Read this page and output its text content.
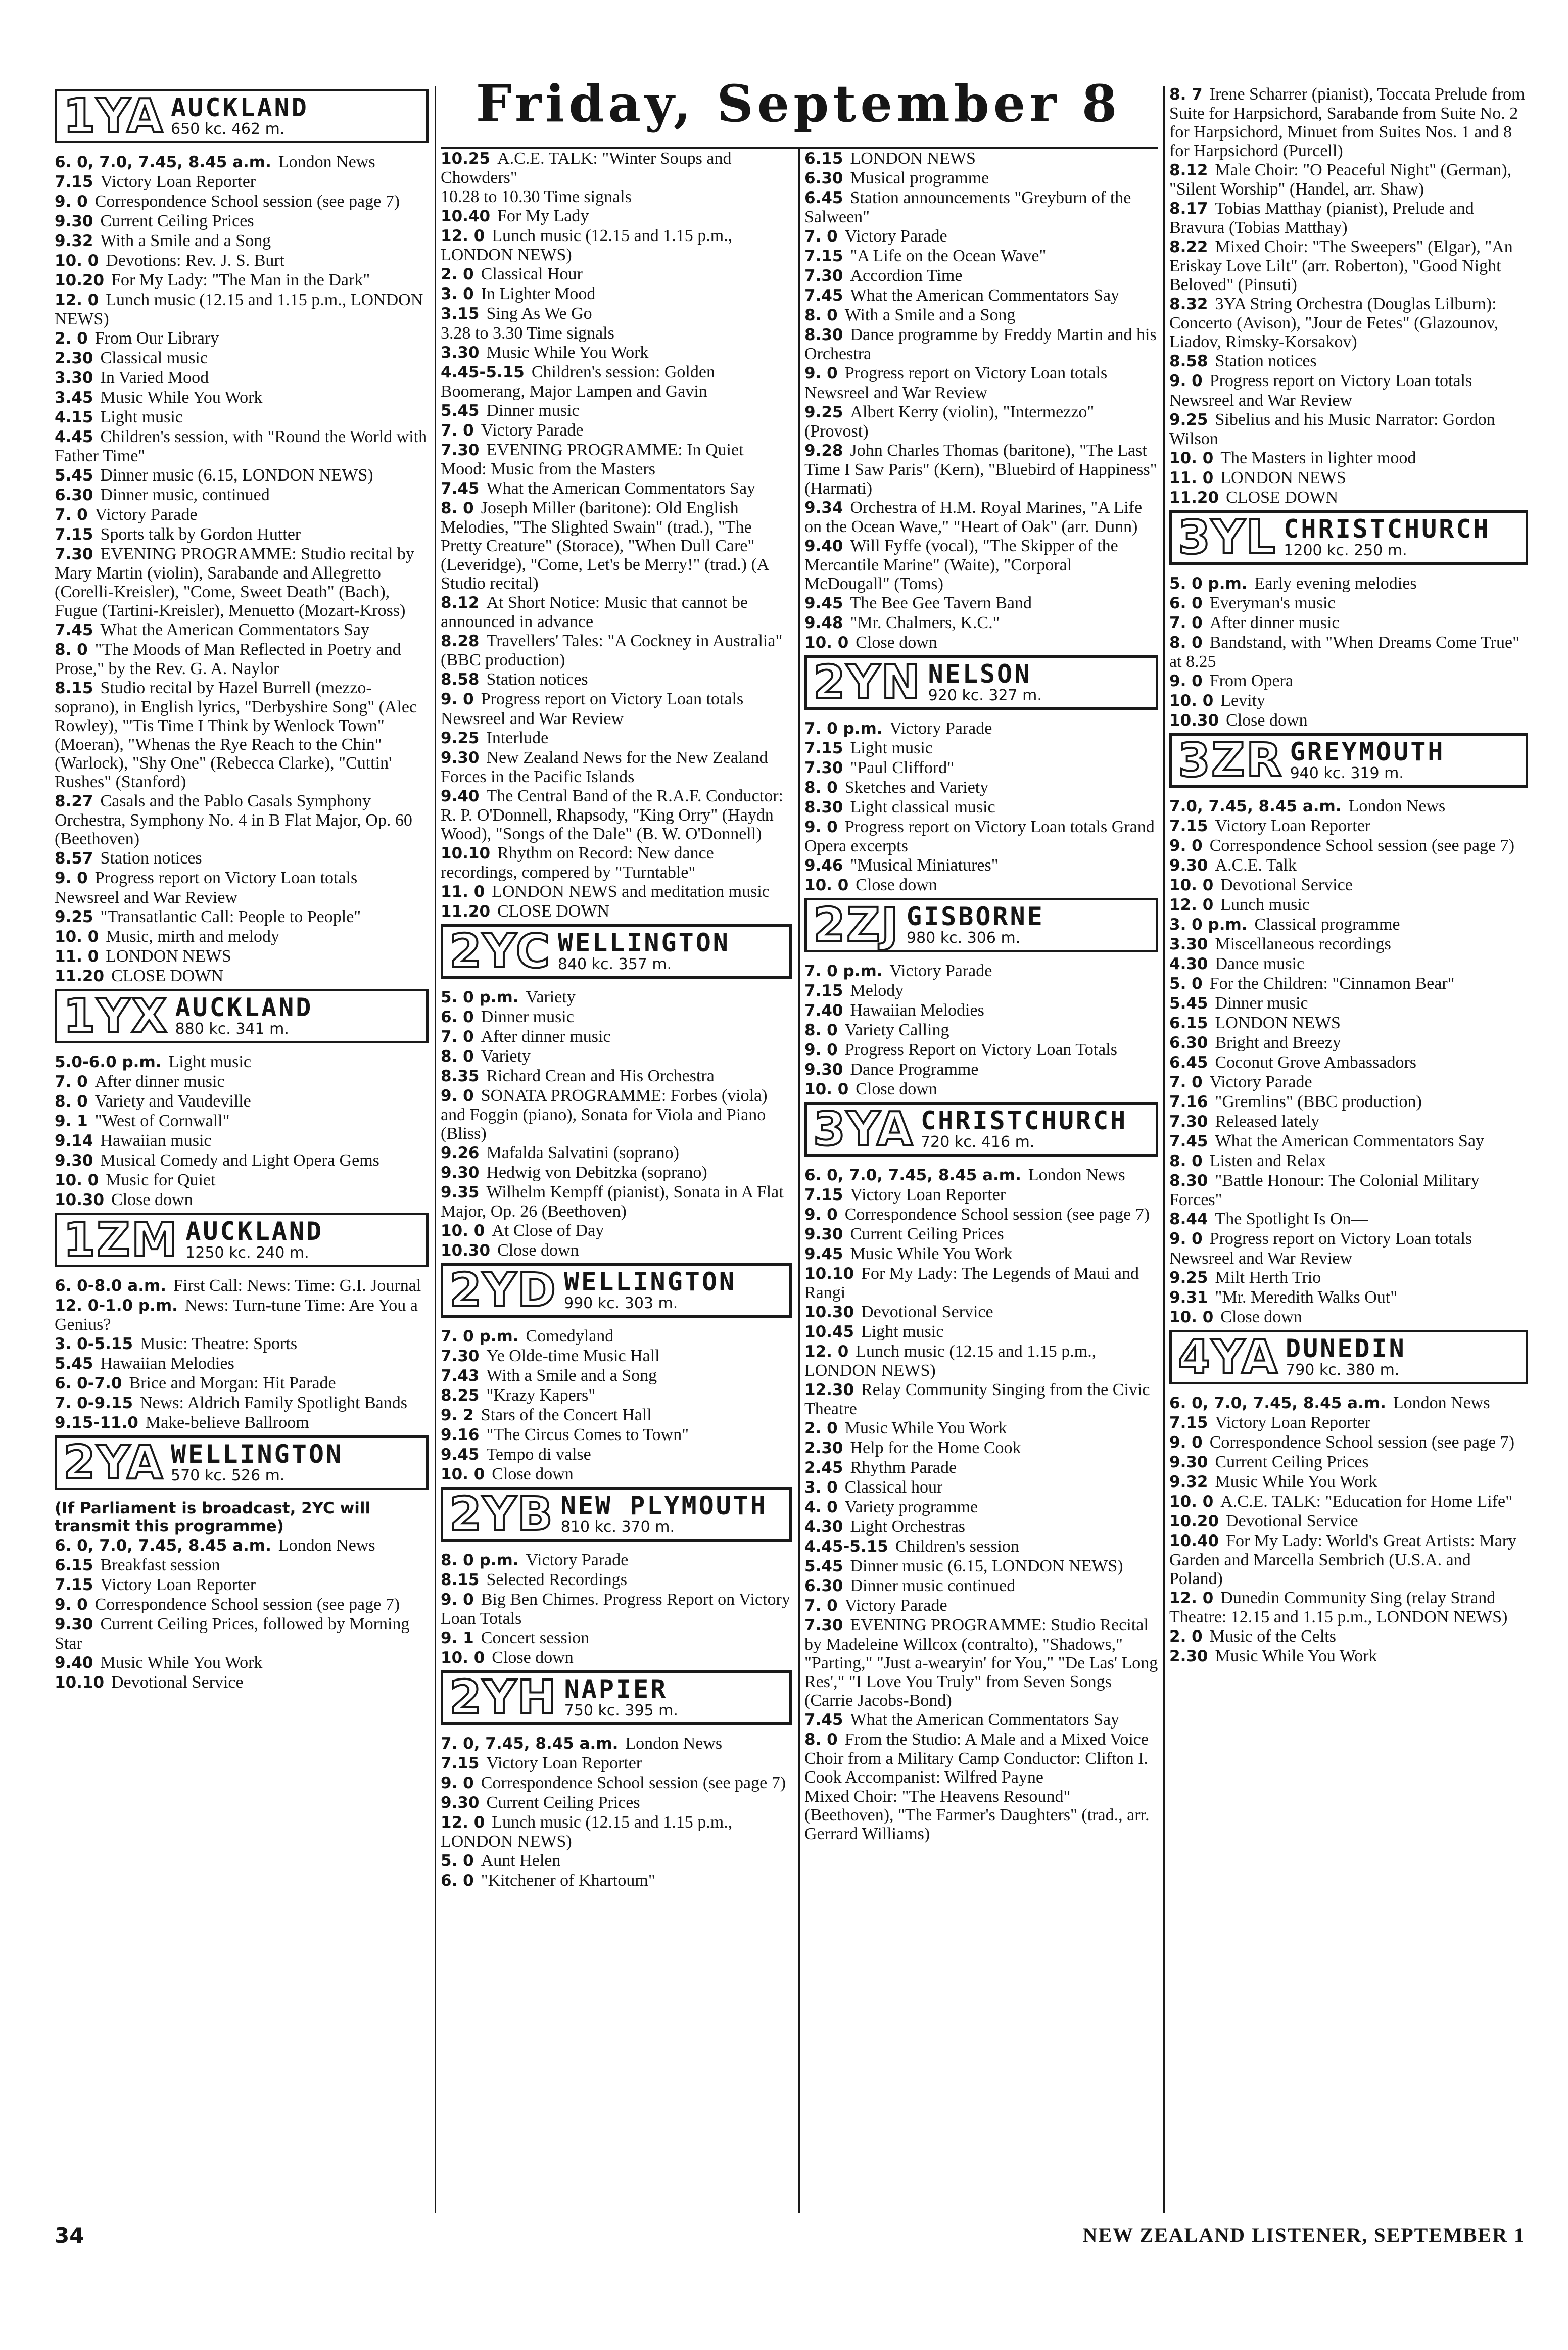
Friday, September 8
1YA AUCKLAND
650 kc. 462 m.
6. 0, 7.0, 7.45, 8.45 a.m. London News
7.15 Victory Loan Reporter
9. 0 Correspondence School session (see page 7)
9.30 Current Ceiling Prices
9.32 With a Smile and a Song
10. 0 Devotions: Rev. J. S. Burt
10.20 For My Lady: "The Man in the Dark"
12. 0 Lunch music (12.15 and 1.15 p.m., LONDON NEWS)
2. 0 From Our Library
2.30 Classical music
3.30 In Varied Mood
3.45 Music While You Work
4.15 Light music
4.45 Children's session, with "Round the World with Father Time"
5.45 Dinner music (6.15, LONDON NEWS)
6.30 Dinner music, continued
7. 0 Victory Parade
7.15 Sports talk by Gordon Hutter
7.30 EVENING PROGRAMME: Studio recital by Mary Martin (violin), Sarabande and Allegretto (Corelli-Kreisler), "Come, Sweet Death" (Bach), Fugue (Tartini-Kreisler), Menuetto (Mozart-Kross)
7.45 What the American Commentators Say
8. 0 "The Moods of Man Reflected in Poetry and Prose," by the Rev. G. A. Naylor
8.15 Studio recital by Hazel Burrell (mezzo-soprano), in English lyrics, "Derbyshire Song" (Alec Rowley), "'Tis Time I Think by Wenlock Town" (Moeran), "Whenas the Rye Reach to the Chin" (Warlock), "Shy One" (Rebecca Clarke), "Cuttin' Rushes" (Stanford)
8.27 Casals and the Pablo Casals Symphony Orchestra, Symphony No. 4 in B Flat Major, Op. 60 (Beethoven)
8.57 Station notices
9. 0 Progress report on Victory Loan totals
Newsreel and War Review
9.25 "Transatlantic Call: People to People"
10. 0 Music, mirth and melody
11. 0 LONDON NEWS
11.20 CLOSE DOWN
1YX AUCKLAND
880 kc. 341 m.
5.0-6.0 p.m. Light music
7. 0 After dinner music
8. 0 Variety and Vaudeville
9. 1 "West of Cornwall"
9.14 Hawaiian music
9.30 Musical Comedy and Light Opera Gems
10. 0 Music for Quiet
10.30 Close down
1ZM AUCKLAND
1250 kc. 240 m.
6. 0-8.0 a.m. First Call: News: Time: G.I. Journal
12. 0-1.0 p.m. News: Turn-tune Time: Are You a Genius?
3. 0-5.15 Music: Theatre: Sports
5.45 Hawaiian Melodies
6. 0-7.0 Brice and Morgan: Hit Parade
7. 0-9.15 News: Aldrich Family Spotlight Bands
9.15-11.0 Make-believe Ballroom
2YA WELLINGTON
570 kc. 526 m.
(If Parliament is broadcast, 2YC will transmit this programme)
6. 0, 7.0, 7.45, 8.45 a.m. London News
6.15 Breakfast session
7.15 Victory Loan Reporter
9. 0 Correspondence School session (see page 7)
9.30 Current Ceiling Prices, followed by Morning Star
9.40 Music While You Work
10.10 Devotional Service
10.25 A.C.E. TALK: "Winter Soups and Chowders"
10.28 to 10.30 Time signals
10.40 For My Lady
12. 0 Lunch music (12.15 and 1.15 p.m., LONDON NEWS)
2. 0 Classical Hour
3. 0 In Lighter Mood
3.15 Sing As We Go
3.28 to 3.30 Time signals
3.30 Music While You Work
4.45-5.15 Children's session: Golden Boomerang, Major Lampen and Gavin
5.45 Dinner music
7. 0 Victory Parade
7.30 EVENING PROGRAMME: In Quiet Mood: Music from the Masters
7.45 What the American Commentators Say
8. 0 Joseph Miller (baritone): Old English Melodies, "The Slighted Swain" (trad.), "The Pretty Creature" (Storace), "When Dull Care" (Leveridge), "Come, Let's be Merry!" (trad.) (A Studio recital)
8.12 At Short Notice: Music that cannot be announced in advance
8.28 Travellers' Tales: "A Cockney in Australia" (BBC production)
8.58 Station notices
9. 0 Progress report on Victory Loan totals
Newsreel and War Review
9.25 Interlude
9.30 New Zealand News for the New Zealand Forces in the Pacific Islands
9.40 The Central Band of the R.A.F. Conductor: R. P. O'Donnell, Rhapsody, "King Orry" (Haydn Wood), "Songs of the Dale" (B. W. O'Donnell)
10.10 Rhythm on Record: New dance recordings, compered by "Turntable"
11. 0 LONDON NEWS and meditation music
11.20 CLOSE DOWN
2YC WELLINGTON
840 kc. 357 m.
5. 0 p.m. Variety
6. 0 Dinner music
7. 0 After dinner music
8. 0 Variety
8.35 Richard Crean and His Orchestra
9. 0 SONATA PROGRAMME: Forbes (viola) and Foggin (piano), Sonata for Viola and Piano (Bliss)
9.26 Mafalda Salvatini (soprano)
9.30 Hedwig von Debitzka (soprano)
9.35 Wilhelm Kempff (pianist), Sonata in A Flat Major, Op. 26 (Beethoven)
10. 0 At Close of Day
10.30 Close down
2YD WELLINGTON
990 kc. 303 m.
7. 0 p.m. Comedyland
7.30 Ye Olde-time Music Hall
7.43 With a Smile and a Song
8.25 "Krazy Kapers"
9. 2 Stars of the Concert Hall
9.16 "The Circus Comes to Town"
9.45 Tempo di valse
10. 0 Close down
2YB NEW PLYMOUTH
810 kc. 370 m.
8. 0 p.m. Victory Parade
8.15 Selected Recordings
9. 0 Big Ben Chimes. Progress Report on Victory Loan Totals
9. 1 Concert session
10. 0 Close down
2YH NAPIER
750 kc. 395 m.
7. 0, 7.45, 8.45 a.m. London News
7.15 Victory Loan Reporter
9. 0 Correspondence School session (see page 7)
9.30 Current Ceiling Prices
12. 0 Lunch music (12.15 and 1.15 p.m., LONDON NEWS)
5. 0 Aunt Helen
6. 0 "Kitchener of Khartoum"
6.15 LONDON NEWS
6.30 Musical programme
6.45 Station announcements "Greyburn of the Salween"
7. 0 Victory Parade
7.15 "A Life on the Ocean Wave"
7.30 Accordion Time
7.45 What the American Commentators Say
8. 0 With a Smile and a Song
8.30 Dance programme by Freddy Martin and his Orchestra
9. 0 Progress report on Victory Loan totals
Newsreel and War Review
9.25 Albert Kerry (violin), "Intermezzo" (Provost)
9.28 John Charles Thomas (baritone), "The Last Time I Saw Paris" (Kern), "Bluebird of Happiness" (Harmati)
9.34 Orchestra of H.M. Royal Marines, "A Life on the Ocean Wave," "Heart of Oak" (arr. Dunn)
9.40 Will Fyffe (vocal), "The Skipper of the Mercantile Marine" (Waite), "Corporal McDougall" (Toms)
9.45 The Bee Gee Tavern Band
9.48 "Mr. Chalmers, K.C."
10. 0 Close down
2YN NELSON
920 kc. 327 m.
7. 0 p.m. Victory Parade
7.15 Light music
7.30 "Paul Clifford"
8. 0 Sketches and Variety
8.30 Light classical music
9. 0 Progress report on Victory Loan totals Grand Opera excerpts
9.46 "Musical Miniatures"
10. 0 Close down
2ZJ GISBORNE
980 kc. 306 m.
7. 0 p.m. Victory Parade
7.15 Melody
7.40 Hawaiian Melodies
8. 0 Variety Calling
9. 0 Progress Report on Victory Loan Totals
9.30 Dance Programme
10. 0 Close down
3YA CHRISTCHURCH
720 kc. 416 m.
6. 0, 7.0, 7.45, 8.45 a.m. London News
7.15 Victory Loan Reporter
9. 0 Correspondence School session (see page 7)
9.30 Current Ceiling Prices
9.45 Music While You Work
10.10 For My Lady: The Legends of Maui and Rangi
10.30 Devotional Service
10.45 Light music
12. 0 Lunch music (12.15 and 1.15 p.m., LONDON NEWS)
12.30 Relay Community Singing from the Civic Theatre
2. 0 Music While You Work
2.30 Help for the Home Cook
2.45 Rhythm Parade
3. 0 Classical hour
4. 0 Variety programme
4.30 Light Orchestras
4.45-5.15 Children's session
5.45 Dinner music (6.15, LONDON NEWS)
6.30 Dinner music continued
7. 0 Victory Parade
7.30 EVENING PROGRAMME: Studio Recital by Madeleine Willcox (contralto), "Shadows," "Parting," "Just a-wearyin' for You," "De Las' Long Res'," "I Love You Truly" from Seven Songs (Carrie Jacobs-Bond)
7.45 What the American Commentators Say
8. 0 From the Studio: A Male and a Mixed Voice Choir from a Military Camp Conductor: Clifton I. Cook Accompanist: Wilfred Payne
Mixed Choir: "The Heavens Resound" (Beethoven), "The Farmer's Daughters" (trad., arr. Gerrard Williams)
8. 7 Irene Scharrer (pianist), Toccata Prelude from Suite for Harpsichord, Sarabande from Suite No. 2 for Harpsichord, Minuet from Suites Nos. 1 and 8 for Harpsichord (Purcell)
8.12 Male Choir: "O Peaceful Night" (German), "Silent Worship" (Handel, arr. Shaw)
8.17 Tobias Matthay (pianist), Prelude and Bravura (Tobias Matthay)
8.22 Mixed Choir: "The Sweepers" (Elgar), "An Eriskay Love Lilt" (arr. Roberton), "Good Night Beloved" (Pinsuti)
8.32 3YA String Orchestra (Douglas Lilburn): Concerto (Avison), "Jour de Fetes" (Glazounov, Liadov, Rimsky-Korsakov)
8.58 Station notices
9. 0 Progress report on Victory Loan totals
Newsreel and War Review
9.25 Sibelius and his Music Narrator: Gordon Wilson
10. 0 The Masters in lighter mood
11. 0 LONDON NEWS
11.20 CLOSE DOWN
3YL CHRISTCHURCH
1200 kc. 250 m.
5. 0 p.m. Early evening melodies
6. 0 Everyman's music
7. 0 After dinner music
8. 0 Bandstand, with "When Dreams Come True" at 8.25
9. 0 From Opera
10. 0 Levity
10.30 Close down
3ZR GREYMOUTH
940 kc. 319 m.
7.0, 7.45, 8.45 a.m. London News
7.15 Victory Loan Reporter
9. 0 Correspondence School session (see page 7)
9.30 A.C.E. Talk
10. 0 Devotional Service
12. 0 Lunch music
3. 0 p.m. Classical programme
3.30 Miscellaneous recordings
4.30 Dance music
5. 0 For the Children: "Cinnamon Bear"
5.45 Dinner music
6.15 LONDON NEWS
6.30 Bright and Breezy
6.45 Coconut Grove Ambassadors
7. 0 Victory Parade
7.16 "Gremlins" (BBC production)
7.30 Released lately
7.45 What the American Commentators Say
8. 0 Listen and Relax
8.30 "Battle Honour: The Colonial Military Forces"
8.44 The Spotlight Is On—
9. 0 Progress report on Victory Loan totals
Newsreel and War Review
9.25 Milt Herth Trio
9.31 "Mr. Meredith Walks Out"
10. 0 Close down
4YA DUNEDIN
790 kc. 380 m.
6. 0, 7.0, 7.45, 8.45 a.m. London News
7.15 Victory Loan Reporter
9. 0 Correspondence School session (see page 7)
9.30 Current Ceiling Prices
9.32 Music While You Work
10. 0 A.C.E. TALK: "Education for Home Life"
10.20 Devotional Service
10.40 For My Lady: World's Great Artists: Mary Garden and Marcella Sembrich (U.S.A. and Poland)
12. 0 Dunedin Community Sing (relay Strand Theatre: 12.15 and 1.15 p.m., LONDON NEWS)
2. 0 Music of the Celts
2.30 Music While You Work
34	NEW ZEALAND LISTENER, SEPTEMBER 1
